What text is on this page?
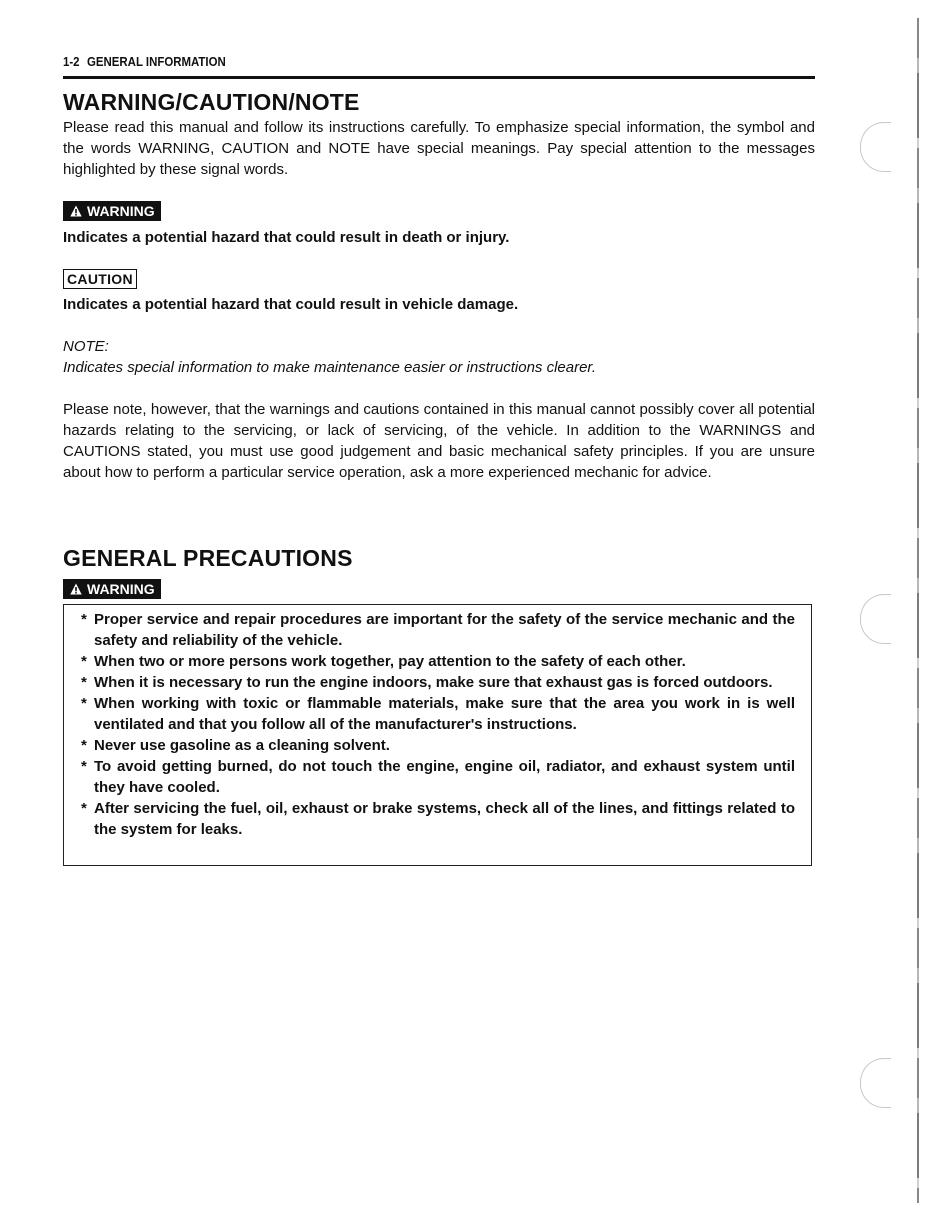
1-2 GENERAL INFORMATION
WARNING/CAUTION/NOTE

Please read this manual and follow its instructions carefully. To emphasize special information, the symbol and the words WARNING, CAUTION and NOTE have special meanings. Pay special attention to the messages highlighted by these signal words.

WARNING

Indicates a potential hazard that could result in death or injury.

CAUTION

Indicates a potential hazard that could result in vehicle damage.

NOTE:

Indicates special information to make maintenance easier or instructions clearer.

Please note, however, that the warnings and cautions contained in this manual cannot possibly cover all potential hazards relating to the servicing, or lack of servicing, of the vehicle. In addition to the WARNINGS and CAUTIONS stated, you must use good judgement and basic mechanical safety principles. If you are unsure about how to perform a particular service operation, ask a more experienced mechanic for advice.

GENERAL PRECAUTIONS
WARNING
* Proper service and repair procedures are important for the safety of the service mechanic and the safety and reliability of the vehicle.
* When two or more persons work together, pay attention to the safety of each other.
* When it is necessary to run the engine indoors, make sure that exhaust gas is forced outdoors.
* When working with toxic or flammable materials, make sure that the area you work in is well ventilated and that you follow all of the manufacturer's instructions.
* Never use gasoline as a cleaning solvent.
* To avoid getting burned, do not touch the engine, engine oil, radiator, and exhaust system until they have cooled.
* After servicing the fuel, oil, exhaust or brake systems, check all of the lines, and fittings related to the system for leaks.
